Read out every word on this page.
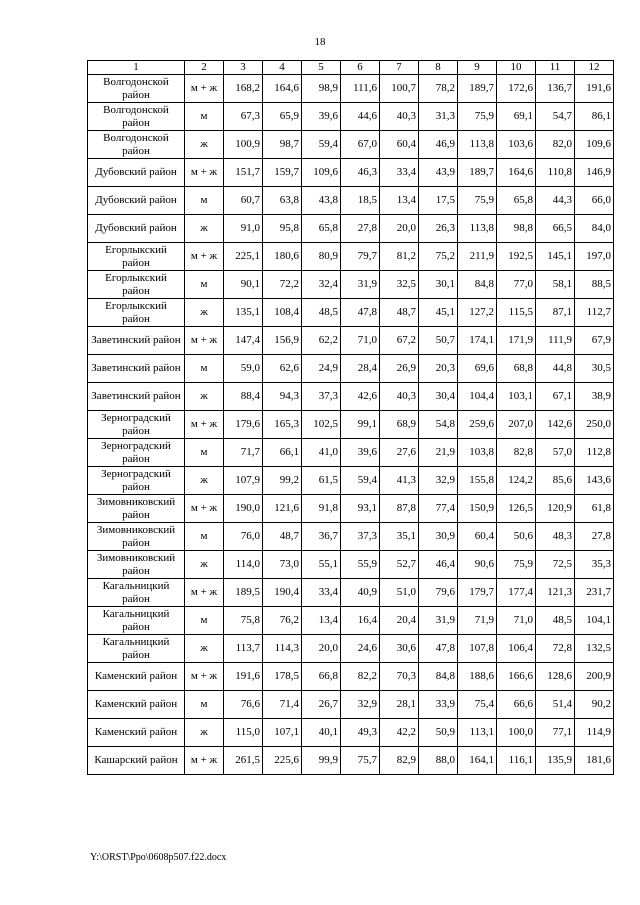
18
1	2	3	4	5	6	7	8	9	10	11	12
Волгодонской район	м + ж	168,2	164,6	98,9	111,6	100,7	78,2	189,7	172,6	136,7	191,6
Волгодонской район	м	67,3	65,9	39,6	44,6	40,3	31,3	75,9	69,1	54,7	86,1
Волгодонской район	ж	100,9	98,7	59,4	67,0	60,4	46,9	113,8	103,6	82,0	109,6
Дубовский район	м + ж	151,7	159,7	109,6	46,3	33,4	43,9	189,7	164,6	110,8	146,9
Дубовский район	м	60,7	63,8	43,8	18,5	13,4	17,5	75,9	65,8	44,3	66,0
Дубовский район	ж	91,0	95,8	65,8	27,8	20,0	26,3	113,8	98,8	66,5	84,0
Егорлыкский район	м + ж	225,1	180,6	80,9	79,7	81,2	75,2	211,9	192,5	145,1	197,0
Егорлыкский район	м	90,1	72,2	32,4	31,9	32,5	30,1	84,8	77,0	58,1	88,5
Егорлыкский район	ж	135,1	108,4	48,5	47,8	48,7	45,1	127,2	115,5	87,1	112,7
Заветинский район	м + ж	147,4	156,9	62,2	71,0	67,2	50,7	174,1	171,9	111,9	67,9
Заветинский район	м	59,0	62,6	24,9	28,4	26,9	20,3	69,6	68,8	44,8	30,5
Заветинский район	ж	88,4	94,3	37,3	42,6	40,3	30,4	104,4	103,1	67,1	38,9
Зерноградский район	м + ж	179,6	165,3	102,5	99,1	68,9	54,8	259,6	207,0	142,6	250,0
Зерноградский район	м	71,7	66,1	41,0	39,6	27,6	21,9	103,8	82,8	57,0	112,8
Зерноградский район	ж	107,9	99,2	61,5	59,4	41,3	32,9	155,8	124,2	85,6	143,6
Зимовниковский район	м + ж	190,0	121,6	91,8	93,1	87,8	77,4	150,9	126,5	120,9	61,8
Зимовниковский район	м	76,0	48,7	36,7	37,3	35,1	30,9	60,4	50,6	48,3	27,8
Зимовниковский район	ж	114,0	73,0	55,1	55,9	52,7	46,4	90,6	75,9	72,5	35,3
Кагальницкий район	м + ж	189,5	190,4	33,4	40,9	51,0	79,6	179,7	177,4	121,3	231,7
Кагальницкий район	м	75,8	76,2	13,4	16,4	20,4	31,9	71,9	71,0	48,5	104,1
Кагальницкий район	ж	113,7	114,3	20,0	24,6	30,6	47,8	107,8	106,4	72,8	132,5
Каменский район	м + ж	191,6	178,5	66,8	82,2	70,3	84,8	188,6	166,6	128,6	200,9
Каменский район	м	76,6	71,4	26,7	32,9	28,1	33,9	75,4	66,6	51,4	90,2
Каменский район	ж	115,0	107,1	40,1	49,3	42,2	50,9	113,1	100,0	77,1	114,9
Кашарский район	м + ж	261,5	225,6	99,9	75,7	82,9	88,0	164,1	116,1	135,9	181,6
Y:\ORST\Ppo\0608p507.f22.docx
